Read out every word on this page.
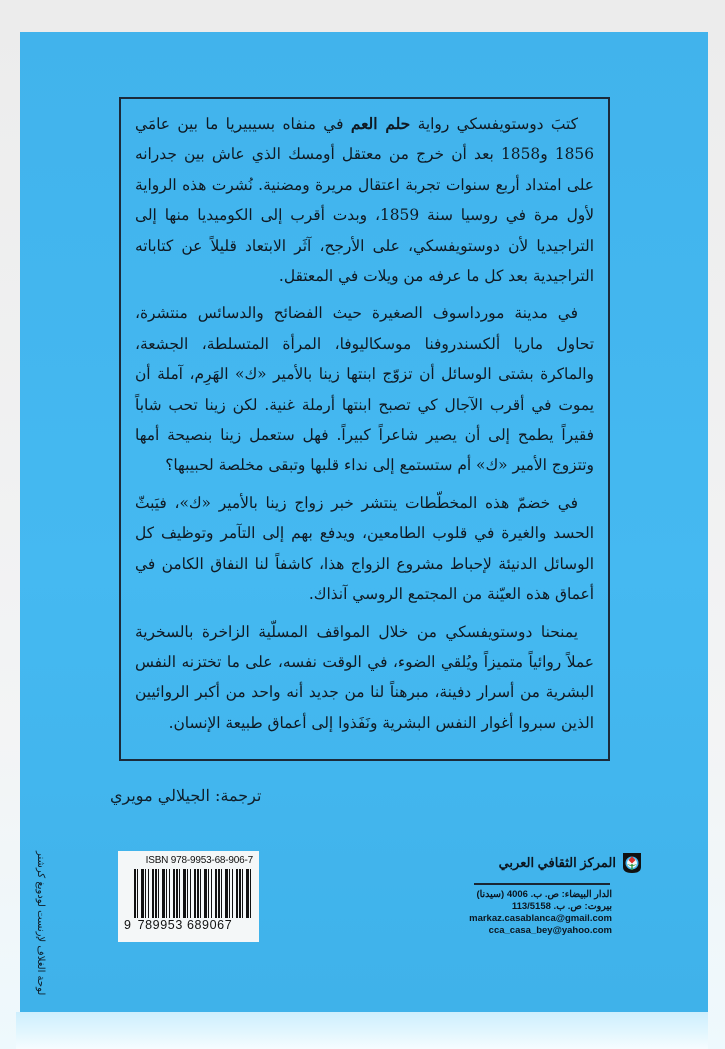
كتبَ دوستويفسكي رواية حلم العم في منفاه بسيبيريا ما بين عامَي 1856 و1858 بعد أن خرج من معتقل أومسك الذي عاش بين جدرانه على امتداد أربع سنوات تجربة اعتقال مريرة ومضنية. نُشرت هذه الرواية لأول مرة في روسيا سنة 1859، وبدت أقرب إلى الكوميديا منها إلى التراجيديا لأن دوستويفسكي، على الأرجح، آثَر الابتعاد قليلاً عن كتاباته التراجيدية بعد كل ما عرفه من ويلات في المعتقل.

في مدينة مورداسوف الصغيرة حيث الفضائح والدسائس منتشرة، تحاول ماريا ألكسندروفنا موسكاليوفا، المرأة المتسلطة، الجشعة، والماكرة بشتى الوسائل أن تزوّج ابنتها زينا بالأمير «ك» الهَرِم، آملة أن يموت في أقرب الآجال كي تصبح ابنتها أرملة غنية. لكن زينا تحب شاباً فقيراً يطمح إلى أن يصير شاعراً كبيراً. فهل ستعمل زينا بنصيحة أمها وتتزوج الأمير «ك» أم ستستمع إلى نداء قلبها وتبقى مخلصة لحبيبها؟

في خضمّ هذه المخطّطات ينتشر خبر زواج زينا بالأمير «ك»، فيَبثّ الحسد والغيرة في قلوب الطامعين، ويدفع بهم إلى التآمر وتوظيف كل الوسائل الدنيئة لإحباط مشروع الزواج هذا، كاشفاً لنا النفاق الكامن في أعماق هذه العيّنة من المجتمع الروسي آنذاك.

يمنحنا دوستويفسكي من خلال المواقف المسلّية الزاخرة بالسخرية عملاً روائياً متميزاً ويُلقي الضوء، في الوقت نفسه، على ما تختزنه النفس البشرية من أسرار دفينة، مبرهناً لنا من جديد أنه واحد من أكبر الروائيين الذين سبروا أغوار النفس البشرية ونَفَذوا إلى أعماق طبيعة الإنسان.

ترجمة: الجيلالي مويري
ISBN 978-9953-68-906-7
9 789953 689067
المركز الثقافي العربي
الدار البيضاء: ص. ب. 4006 (سيدنا)
بيروت: ص. ب. 113/5158
markaz.casablanca@gmail.com
cca_casa_bey@yahoo.com
لوحة الغلاف لإرنست لودويغ كرشنر
